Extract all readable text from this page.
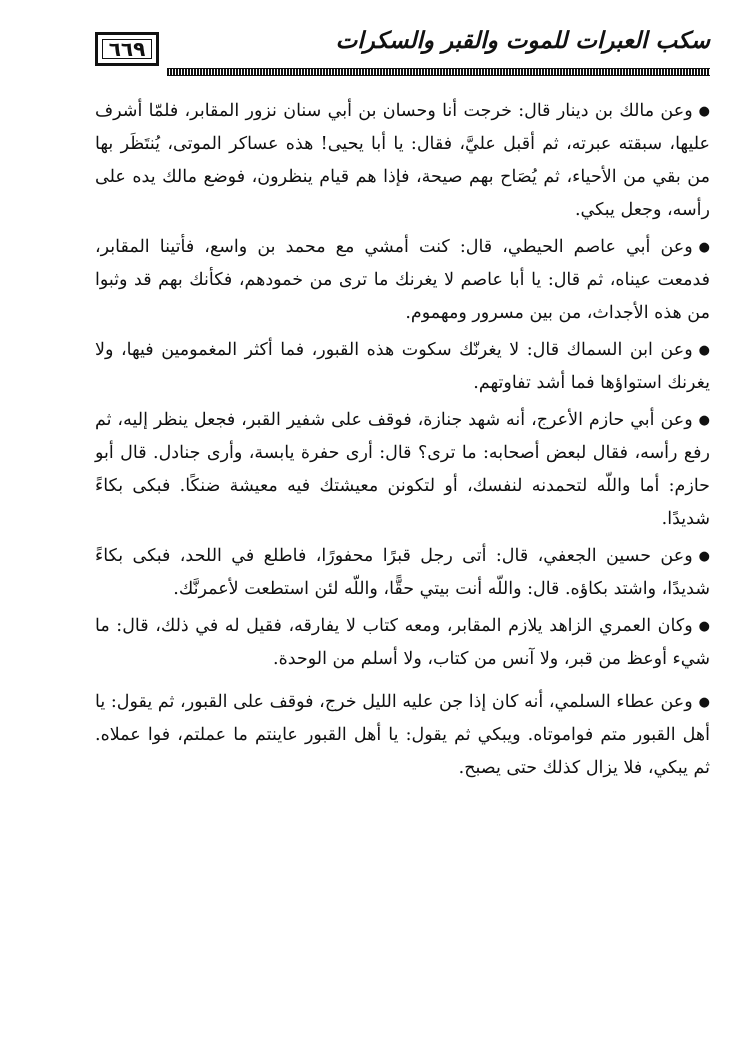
٦٦٩	سكب العبرات للموت والقبر والسكرات

●وعن مالك بن دينار قال: خرجت أنا وحسان بن أبي سنان نزور المقابر، فلمّا أشرف عليها، سبقته عبرته، ثم أقبل عليَّ، فقال: يا أبا يحيى! هذه عساكر الموتى، يُنتَظَر بها من بقي من الأحياء، ثم يُصَاح بهم صيحة، فإذا هم قيام ينظرون، فوضع مالك يده على رأسه، وجعل يبكي.

●وعن أبي عاصم الحيطي، قال: كنت أمشي مع محمد بن واسع، فأتينا المقابر، فدمعت عيناه، ثم قال: يا أبا عاصم لا يغرنك ما ترى من خمودهم، فكأنك بهم قد وثبوا من هذه الأجداث، من بين مسرور ومهموم.

●وعن ابن السماك قال: لا يغرنّك سكوت هذه القبور، فما أكثر المغمومين فيها، ولا يغرنك استواؤها فما أشد تفاوتهم.

●وعن أبي حازم الأعرج، أنه شهد جنازة، فوقف على شفير القبر، فجعل ينظر إليه، ثم رفع رأسه، فقال لبعض أصحابه: ما ترى؟ قال: أرى حفرة يابسة، وأرى جنادل. قال أبو حازم: أما واللّه لتحمدنه لنفسك، أو لتكونن معيشتك فيه معيشة ضنكًا. فبكى بكاءً شديدًا.

●وعن حسين الجعفي، قال: أتى رجل قبرًا محفورًا، فاطلع في اللحد، فبكى بكاءً شديدًا، واشتد بكاؤه. قال: واللّه أنت بيتي حقًّا، واللّه لئن استطعت لأعمرنَّك.

●وكان العمري الزاهد يلازم المقابر، ومعه كتاب لا يفارقه، فقيل له في ذلك، قال: ما شيء أوعظ من قبر، ولا آنس من كتاب، ولا أسلم من الوحدة.

●وعن عطاء السلمي، أنه كان إذا جن عليه الليل خرج، فوقف على القبور، ثم يقول: يا أهل القبور متم فواموتاه. ويبكي ثم يقول: يا أهل القبور عاينتم ما عملتم، فوا عملاه. ثم يبكي، فلا يزال كذلك حتى يصبح.
